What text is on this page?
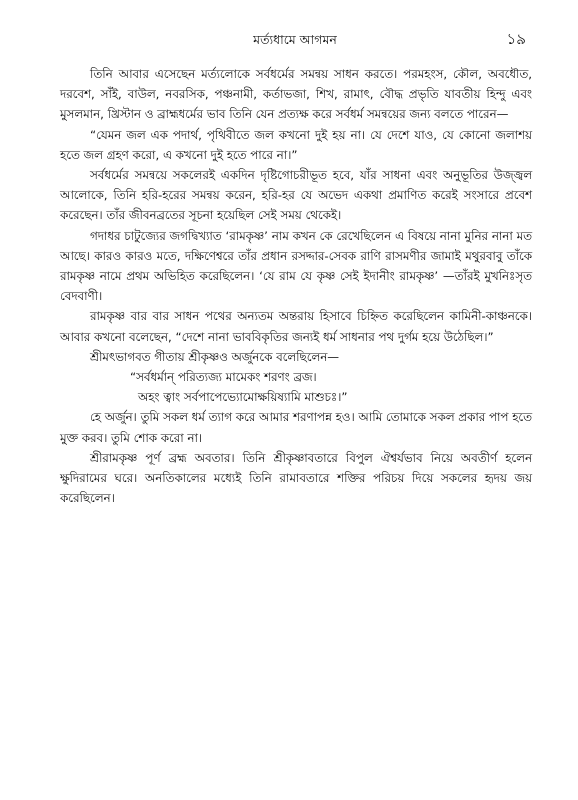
মর্ত্যধামে আগমন	১৯

তিনি আবার এসেছেন মর্ত্যলোকে সর্বধর্মের সমন্বয় সাধন করতে। পরমহংস, কৌল, অবধৌত, দরবেশ, সাঁই, বাউল, নবরসিক, পঞ্চনামী, কর্তাভজা, শিখ, রামাৎ, বৌদ্ধ প্রভৃতি যাবতীয় হিন্দু এবং মুসলমান, খ্রিস্টান ও ব্রাহ্মধর্মের ভাব তিনি যেন প্রত্যক্ষ করে সর্বধর্ম সমন্বয়ের জন্য বলতে পারেন—

“যেমন জল এক পদার্থ, পৃথিবীতে জল কখনো দুই হয় না। যে দেশে যাও, যে কোনো জলাশয় হতে জল গ্রহণ করো, এ কখনো দুই হতে পারে না।”

সর্বধর্মের সমন্বয়ে সকলেরই একদিন দৃষ্টিগোচরীভূত হবে, যাঁর সাধনা এবং অনুভূতির উজ্জ্বল আলোকে, তিনি হরি-হরের সমন্বয় করেন, হরি-হর যে অভেদ একথা প্রমাণিত করেই সংসারে প্রবেশ করেছেন। তাঁর জীবনব্রতের সূচনা হয়েছিল সেই সময় থেকেই।

গদাধর চাটুজ্যের জগদ্বিখ্যাত ‘রামকৃষ্ণ’ নাম কখন কে রেখেছিলেন এ বিষয়ে নানা মুনির নানা মত আছে। কারও কারও মতে, দক্ষিণেশ্বরে তাঁর প্রধান রসদ্দার-সেবক রাণি রাসমণীর জামাই মথুরবাবু তাঁকে রামকৃষ্ণ নামে প্রথম অভিহিত করেছিলেন। ‘যে রাম যে কৃষ্ণ সেই ইদানীং রামকৃষ্ণ’ —তাঁরই মুখনিঃসৃত বেদবাণী।

রামকৃষ্ণ বার বার সাধন পথের অন্যতম অন্তরায় হিসাবে চিহ্নিত করেছিলেন কামিনী-কাঞ্চনকে। আবার কখনো বলেছেন, “দেশে নানা ভাববিকৃতির জন্যই ধর্ম সাধনার পথ দুর্গম হয়ে উঠেছিল।”

শ্রীমৎভাগবত গীতায় শ্রীকৃষ্ণও অর্জুনকে বলেছিলেন—

“সর্বধর্মান্ পরিত্যজ্য মামেকং শরণং ব্রজ।

অহং ত্বাং সর্বপাপেভ্যোমোক্ষয়িষ্যামি মাশুচঃ।”

হে অর্জুন। তুমি সকল ধর্ম ত্যাগ করে আমার শরণাপন্ন হও। আমি তোমাকে সকল প্রকার পাপ হতে মুক্ত করব। তুমি শোক করো না।

শ্রীরামকৃষ্ণ পূর্ণ ব্রহ্ম অবতার। তিনি শ্রীকৃষ্ণাবতারে বিপুল ঐশ্বর্যভাব নিয়ে অবতীর্ণ হলেন ক্ষুদিরামের ঘরে। অনতিকালের মধ্যেই তিনি রামাবতারে শক্তির পরিচয় দিয়ে সকলের হৃদয় জয় করেছিলেন।
